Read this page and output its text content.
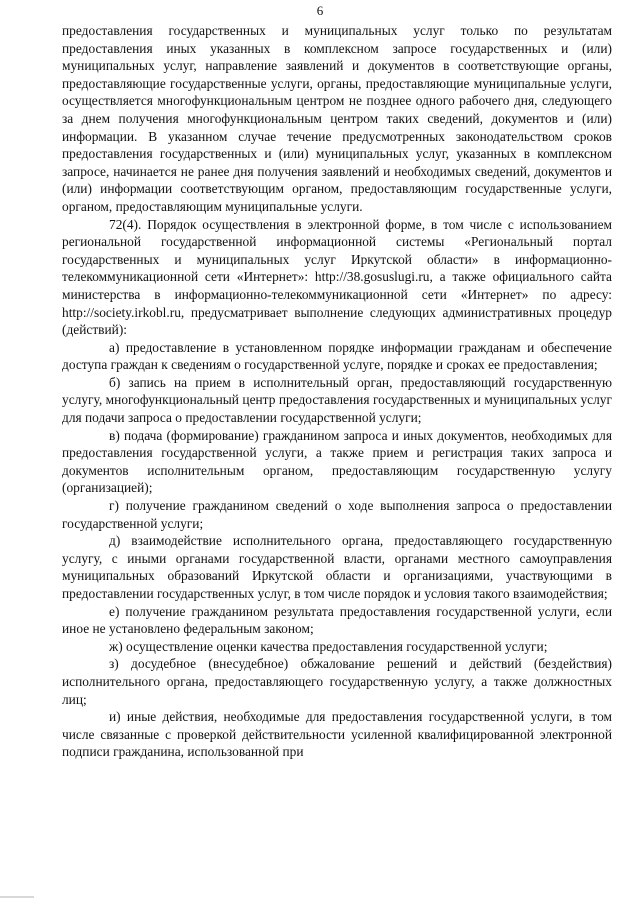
6

предоставления государственных и муниципальных услуг только по результатам предоставления иных указанных в комплексном запросе государственных и (или) муниципальных услуг, направление заявлений и документов в соответствующие органы, предоставляющие государственные услуги, органы, предоставляющие муниципальные услуги, осуществляется многофункциональным центром не позднее одного рабочего дня, следующего за днем получения многофункциональным центром таких сведений, документов и (или) информации. В указанном случае течение предусмотренных законодательством сроков предоставления государственных и (или) муниципальных услуг, указанных в комплексном запросе, начинается не ранее дня получения заявлений и необходимых сведений, документов и (или) информации соответствующим органом, предоставляющим государственные услуги, органом, предоставляющим муниципальные услуги.

72(4). Порядок осуществления в электронной форме, в том числе с использованием региональной государственной информационной системы «Региональный портал государственных и муниципальных услуг Иркутской области» в информационно-телекоммуникационной сети «Интернет»: http://38.gosuslugi.ru, а также официального сайта министерства в информационно-телекоммуникационной сети «Интернет» по адресу: http://society.irkobl.ru, предусматривает выполнение следующих административных процедур (действий):

а) предоставление в установленном порядке информации гражданам и обеспечение доступа граждан к сведениям о государственной услуге, порядке и сроках ее предоставления;

б) запись на прием в исполнительный орган, предоставляющий государственную услугу, многофункциональный центр предоставления государственных и муниципальных услуг для подачи запроса о предоставлении государственной услуги;

в) подача (формирование) гражданином запроса и иных документов, необходимых для предоставления государственной услуги, а также прием и регистрация таких запроса и документов исполнительным органом, предоставляющим государственную услугу (организацией);

г) получение гражданином сведений о ходе выполнения запроса о предоставлении государственной услуги;

д) взаимодействие исполнительного органа, предоставляющего государственную услугу, с иными органами государственной власти, органами местного самоуправления муниципальных образований Иркутской области и организациями, участвующими в предоставлении государственных услуг, в том числе порядок и условия такого взаимодействия;

е) получение гражданином результата предоставления государственной услуги, если иное не установлено федеральным законом;

ж) осуществление оценки качества предоставления государственной услуги;

з) досудебное (внесудебное) обжалование решений и действий (бездействия) исполнительного органа, предоставляющего государственную услугу, а также должностных лиц;

и) иные действия, необходимые для предоставления государственной услуги, в том числе связанные с проверкой действительности усиленной квалифицированной электронной подписи гражданина, использованной при
